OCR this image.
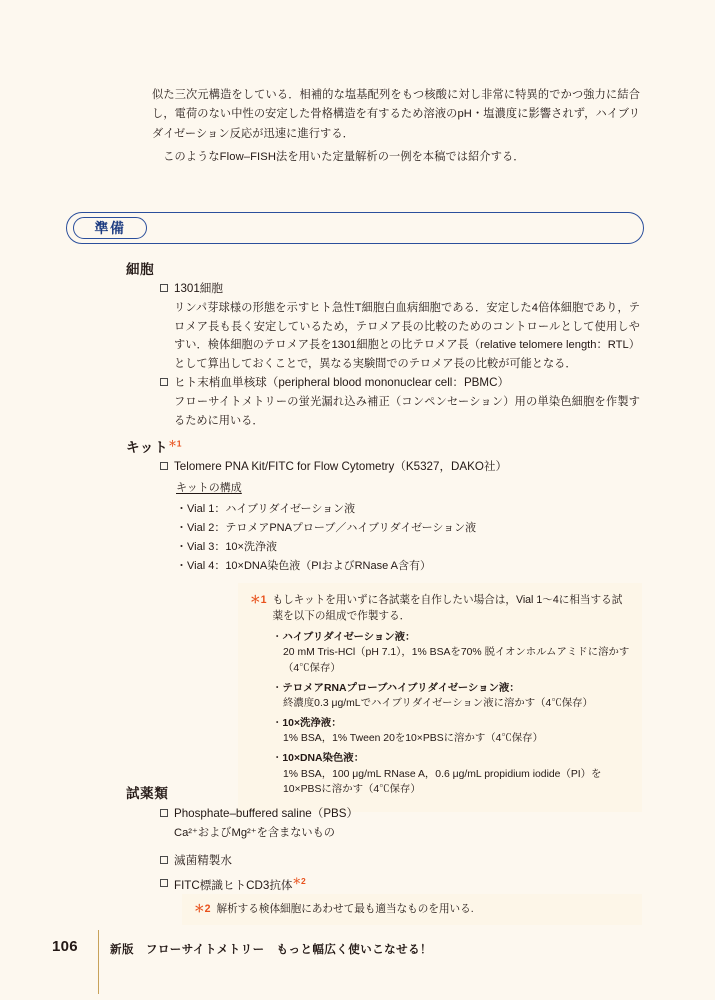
似た三次元構造をしている．相補的な塩基配列をもつ核酸に対し非常に特異的でかつ強力に結合し，電荷のない中性の安定した骨格構造を有するため溶液のpH・塩濃度に影響されず，ハイブリダイゼーション反応が迅速に進行する．

このようなFlow–FISH法を用いた定量解析の一例を本稿では紹介する．

準備
細胞
1301細胞
リンパ芽球様の形態を示すヒト急性T細胞白血病細胞である．安定した4倍体細胞であり，テロメア長も長く安定しているため，テロメア長の比較のためのコントロールとして使用しやすい．検体細胞のテロメア長を1301細胞との比テロメア長（relative telomere length：RTL）として算出しておくことで，異なる実験間でのテロメア長の比較が可能となる．
ヒト末梢血単核球（peripheral blood mononuclear cell：PBMC）
フローサイトメトリーの蛍光漏れ込み補正（コンペンセーション）用の単染色細胞を作製するために用いる．
キット$^{*1}$
Telomere PNA Kit/FITC for Flow Cytometry（K5327，DAKO社）
キットの構成
・ Vial 1：ハイブリダイゼーション液
・ Vial 2：テロメアPNAプローブ／ハイブリダイゼーション液
・ Vial 3：10×洗浄液
・ Vial 4：10×DNA染色液（PIおよびRNase A含有）
＊1 もしキットを用いずに各試薬を自作したい場合は，Vial 1～4に相当する試薬を以下の組成で作製する．
・ ハイブリダイゼーション液：
20 mM Tris-HCl（pH 7.1），1% BSAを70% 脱イオンホルムアミドに溶かす（4℃保存）
・ テロメアRNAプローブハイブリダイゼーション液：
終濃度0.3 μg/mLでハイブリダイゼーション液に溶かす（4℃保存）
・ 10×洗浄液：
1% BSA，1% Tween 20を10×PBSに溶かす（4℃保存）
・ 10×DNA染色液：
1% BSA，100 μg/mL RNase A，0.6 μg/mL propidium iodide（PI）を10×PBSに溶かす（4℃保存）
試薬類
Phosphate–buffered saline（PBS）
Ca²⁺およびMg²⁺を含まないもの
滅菌精製水
FITC標識ヒトCD3抗体$^{*2}$
＊2 解析する検体細胞にあわせて最も適当なものを用いる.
106	新版　フローサイトメトリー　もっと幅広く使いこなせる！
